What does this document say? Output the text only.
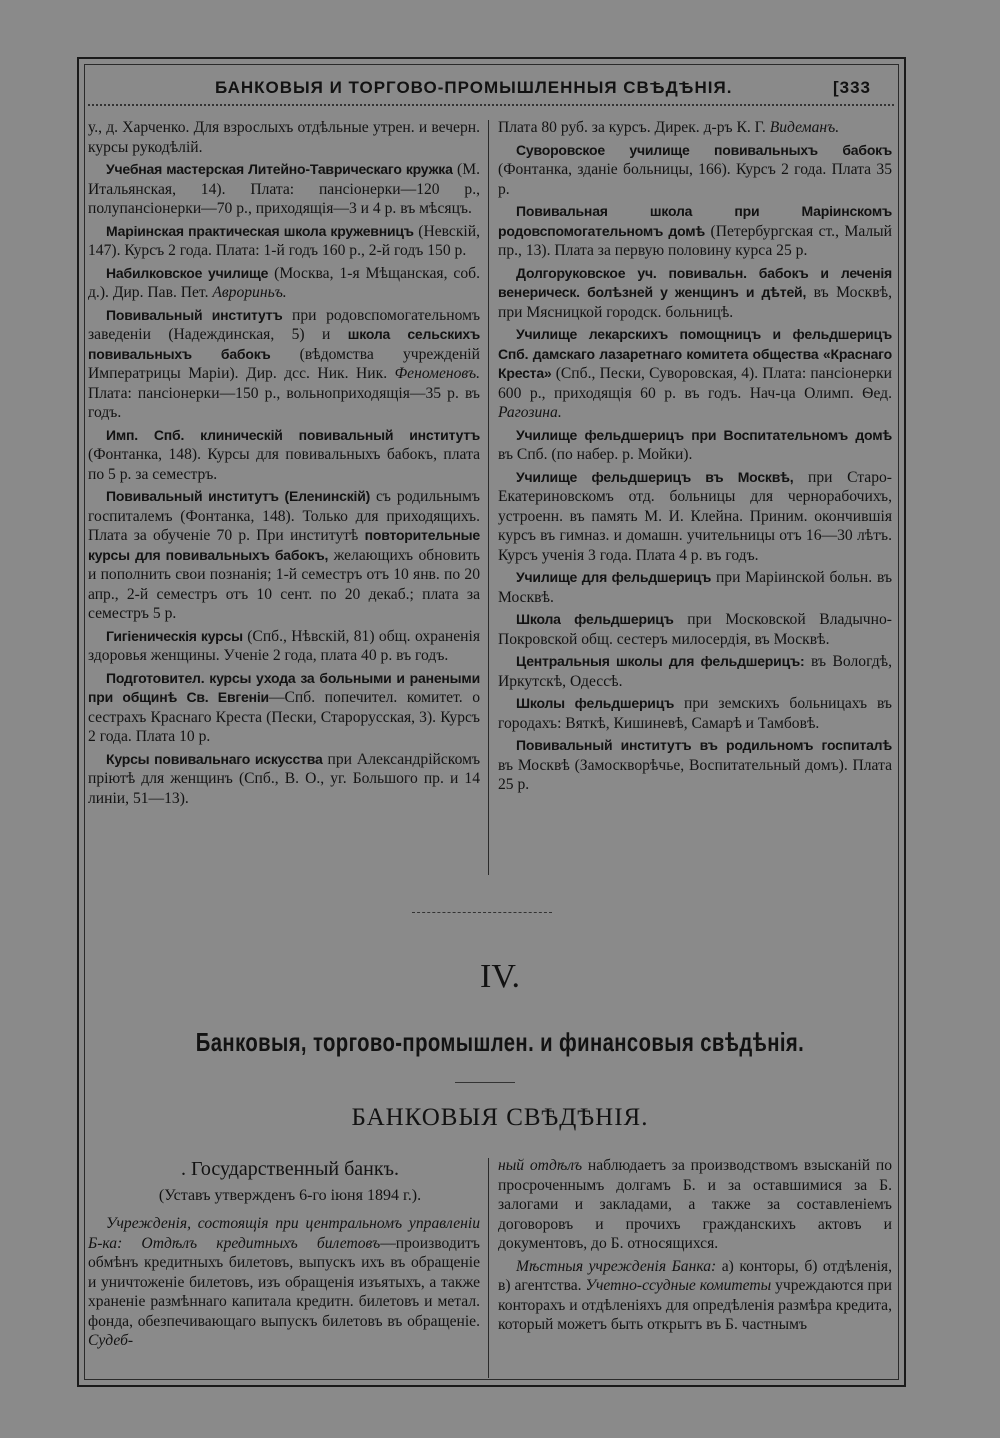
БАНКОВЫЯ И ТОРГОВО-ПРОМЫШЛЕННЫЯ СВѢДѢНІЯ.	[333

у., д. Харченко. Для взрослыхъ отдѣльные утрен. и вечерн. курсы рукодѣлій.

Учебная мастерская Литейно-Таврическаго кружка (М. Итальянская, 14). Плата: пансіонерки—120 р., полупансіонерки—70 р., приходящія—3 и 4 р. въ мѣсяцъ.

Маріинская практическая школа кружевницъ (Невскій, 147). Курсъ 2 года. Плата: 1-й годъ 160 р., 2-й годъ 150 р.

Набилковское училище (Москва, 1-я Мѣщанская, соб. д.). Дир. Пав. Пет. Аврориньъ.

Повивальный институтъ при родовспомогательномъ заведеніи (Надеждинская, 5) и школа сельскихъ повивальныхъ бабокъ (вѣдомства учрежденій Императрицы Маріи). Дир. дсс. Ник. Ник. Феноменовъ. Плата: пансіонерки—150 р., вольноприходящія—35 р. въ годъ.

Имп. Спб. клиническій повивальный институтъ (Фонтанка, 148). Курсы для повивальныхъ бабокъ, плата по 5 р. за семестръ.

Повивальный институтъ (Еленинскій) съ родильнымъ госпиталемъ (Фонтанка, 148). Только для приходящихъ. Плата за обученіе 70 р. При институтѣ повторительные курсы для повивальныхъ бабокъ, желающихъ обновить и пополнить свои познанія; 1-й семестръ отъ 10 янв. по 20 апр., 2-й семестръ отъ 10 сент. по 20 декаб.; плата за семестръ 5 р.

Гигіеническія курсы (Спб., Нѣвскій, 81) общ. охраненія здоровья женщины. Ученіе 2 года, плата 40 р. въ годъ.

Подготовител. курсы ухода за больными и ранеными при общинѣ Св. Евгеніи—Спб. попечител. комитет. о сестрахъ Краснаго Креста (Пески, Старорусская, 3). Курсъ 2 года. Плата 10 р.

Курсы повивальнаго искусства при Александрійскомъ пріютѣ для женщинъ (Спб., В. О., уг. Большого пр. и 14 линіи, 51—13).

Плата 80 руб. за курсъ. Дирек. д-ръ К. Г. Видеманъ.

Суворовское училище повивальныхъ бабокъ (Фонтанка, зданіе больницы, 166). Курсъ 2 года. Плата 35 р.

Повивальная школа при Маріинскомъ родовспомогательномъ домѣ (Петербургская ст., Малый пр., 13). Плата за первую половину курса 25 р.

Долгоруковское уч. повивальн. бабокъ и леченія венерическ. болѣзней у женщинъ и дѣтей, въ Москвѣ, при Мясницкой городск. больницѣ.

Училище лекарскихъ помощницъ и фельдшерицъ Спб. дамскаго лазаретнаго комитета общества «Краснаго Креста» (Спб., Пески, Суворовская, 4). Плата: пансіонерки 600 р., приходящія 60 р. въ годъ. Нач-ца Олимп. Ѳед. Рагозина.

Училище фельдшерицъ при Воспитательномъ домѣ въ Спб. (по набер. р. Мойки).

Училище фельдшерицъ въ Москвѣ, при Старо-Екатериновскомъ отд. больницы для чернорабочихъ, устроенн. въ память М. И. Клейна. Приним. окончившія курсъ въ гимназ. и домашн. учительницы отъ 16—30 лѣтъ. Курсъ ученія 3 года. Плата 4 р. въ годъ.

Училище для фельдшерицъ при Маріинской больн. въ Москвѣ.

Школа фельдшерицъ при Московской Владычно-Покровской общ. сестеръ милосердія, въ Москвѣ.

Центральныя школы для фельдшерицъ: въ Вологдѣ, Иркутскѣ, Одессѣ.

Школы фельдшерицъ при земскихъ больницахъ въ городахъ: Вяткѣ, Кишиневѣ, Самарѣ и Тамбовѣ.

Повивальный институтъ въ родильномъ госпиталѣ въ Москвѣ (Замоскворѣчье, Воспитательный домъ). Плата 25 р.

IV.
Банковыя, торгово-промышлен. и финансовыя свѣдѣнія.
БАНКОВЫЯ СВѢДѢНІЯ.
. Государственный банкъ.
(Уставъ утвержденъ 6-го іюня 1894 г.).

Учрежденія, состоящія при центральномъ управленіи Б-ка: Отдѣлъ кредитныхъ билетовъ—производитъ обмѣнъ кредитныхъ билетовъ, выпускъ ихъ въ обращеніе и уничтоженіе билетовъ, изъ обращенія изъятыхъ, а также храненіе размѣннаго капитала кредитн. билетовъ и метал. фонда, обезпечивающаго выпускъ билетовъ въ обращеніе. Судеб-

ный отдѣлъ наблюдаетъ за производствомъ взысканій по просроченнымъ долгамъ Б. и за оставшимися за Б. залогами и закладами, а также за составленіемъ договоровъ и прочихъ гражданскихъ актовъ и документовъ, до Б. относящихся.

Мѣстныя учрежденія Банка: а) конторы, б) отдѣленія, в) агентства. Учетно-ссудные комитеты учреждаются при конторахъ и отдѣленіяхъ для опредѣленія размѣра кредита, который можетъ быть открытъ въ Б. частнымъ
